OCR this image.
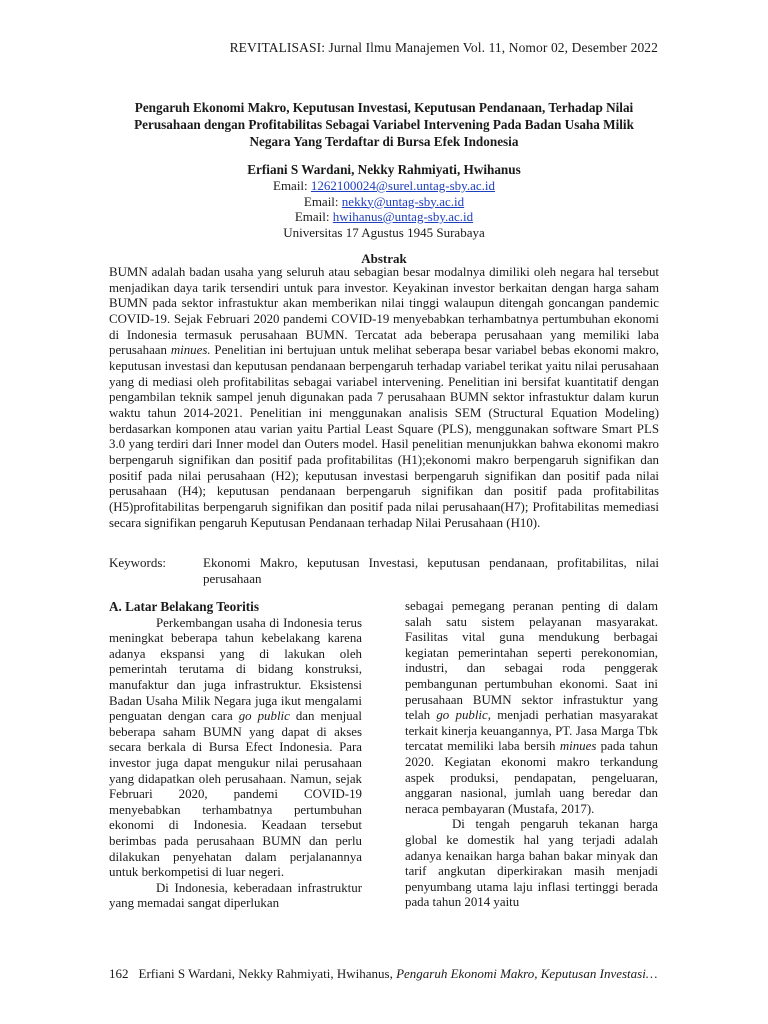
REVITALISASI: Jurnal Ilmu Manajemen Vol. 11, Nomor 02, Desember 2022
Pengaruh Ekonomi Makro, Keputusan Investasi, Keputusan Pendanaan, Terhadap Nilai
Perusahaan dengan Profitabilitas Sebagai Variabel Intervening Pada Badan Usaha Milik
Negara Yang Terdaftar di Bursa Efek Indonesia
Erfiani S Wardani, Nekky Rahmiyati, Hwihanus
Email: 1262100024@surel.untag-sby.ac.id
Email: nekky@untag-sby.ac.id
Email: hwihanus@untag-sby.ac.id
Universitas 17 Agustus 1945 Surabaya
Abstrak
BUMN adalah badan usaha yang seluruh atau sebagian besar modalnya dimiliki oleh negara hal tersebut menjadikan daya tarik tersendiri untuk para investor. Keyakinan investor berkaitan dengan harga saham BUMN pada sektor infrastuktur akan memberikan nilai tinggi walaupun ditengah goncangan pandemic COVID-19. Sejak Februari 2020 pandemi COVID-19 menyebabkan terhambatnya pertumbuhan ekonomi di Indonesia termasuk perusahaan BUMN. Tercatat ada beberapa perusahaan yang memiliki laba perusahaan minues. Penelitian ini bertujuan untuk melihat seberapa besar variabel bebas ekonomi makro, keputusan investasi dan keputusan pendanaan berpengaruh terhadap variabel terikat yaitu nilai perusahaan yang di mediasi oleh profitabilitas sebagai variabel intervening. Penelitian ini bersifat kuantitatif dengan pengambilan teknik sampel jenuh digunakan pada 7 perusahaan BUMN sektor infrastuktur dalam kurun waktu tahun 2014-2021. Penelitian ini menggunakan analisis SEM (Structural Equation Modeling) berdasarkan komponen atau varian yaitu Partial Least Square (PLS), menggunakan software Smart PLS 3.0 yang terdiri dari Inner model dan Outers model. Hasil penelitian menunjukkan bahwa ekonomi makro berpengaruh signifikan dan positif pada profitabilitas (H1);ekonomi makro berpengaruh signifikan dan positif pada nilai perusahaan (H2); keputusan investasi berpengaruh signifikan dan positif pada nilai perusahaan (H4); keputusan pendanaan berpengaruh signifikan dan positif pada profitabilitas (H5)profitabilitas berpengaruh signifikan dan positif pada nilai perusahaan(H7); Profitabilitas memediasi secara signifikan pengaruh Keputusan Pendanaan terhadap Nilai Perusahaan (H10).
Keywords:	Ekonomi Makro, keputusan Investasi, keputusan pendanaan, profitabilitas, nilai perusahaan
A. Latar Belakang Teoritis

Perkembangan usaha di Indonesia terus meningkat beberapa tahun kebelakang karena adanya ekspansi yang di lakukan oleh pemerintah terutama di bidang konstruksi, manufaktur dan juga infrastruktur. Eksistensi Badan Usaha Milik Negara juga ikut mengalami penguatan dengan cara go public dan menjual beberapa saham BUMN yang dapat di akses secara berkala di Bursa Efect Indonesia. Para investor juga dapat mengukur nilai perusahaan yang didapatkan oleh perusahaan. Namun, sejak Februari 2020, pandemi COVID-19 menyebabkan terhambatnya pertumbuhan ekonomi di Indonesia. Keadaan tersebut berimbas pada perusahaan BUMN dan perlu dilakukan penyehatan dalam perjalanannya untuk berkompetisi di luar negeri.

Di Indonesia, keberadaan infrastruktur yang memadai sangat diperlukan

sebagai pemegang peranan penting di dalam salah satu sistem pelayanan masyarakat. Fasilitas vital guna mendukung berbagai kegiatan pemerintahan seperti perekonomian, industri, dan sebagai roda penggerak pembangunan pertumbuhan ekonomi. Saat ini perusahaan BUMN sektor infrastuktur yang telah go public, menjadi perhatian masyarakat terkait kinerja keuangannya, PT. Jasa Marga Tbk tercatat memiliki laba bersih minues pada tahun 2020. Kegiatan ekonomi makro terkandung aspek produksi, pendapatan, pengeluaran, anggaran nasional, jumlah uang beredar dan neraca pembayaran (Mustafa, 2017).

Di tengah pengaruh tekanan harga global ke domestik hal yang terjadi adalah adanya kenaikan harga bahan bakar minyak dan tarif angkutan diperkirakan masih menjadi penyumbang utama laju inflasi tertinggi berada pada tahun 2014 yaitu

162 Erfiani S Wardani, Nekky Rahmiyati, Hwihanus, Pengaruh Ekonomi Makro, Keputusan Investasi…
